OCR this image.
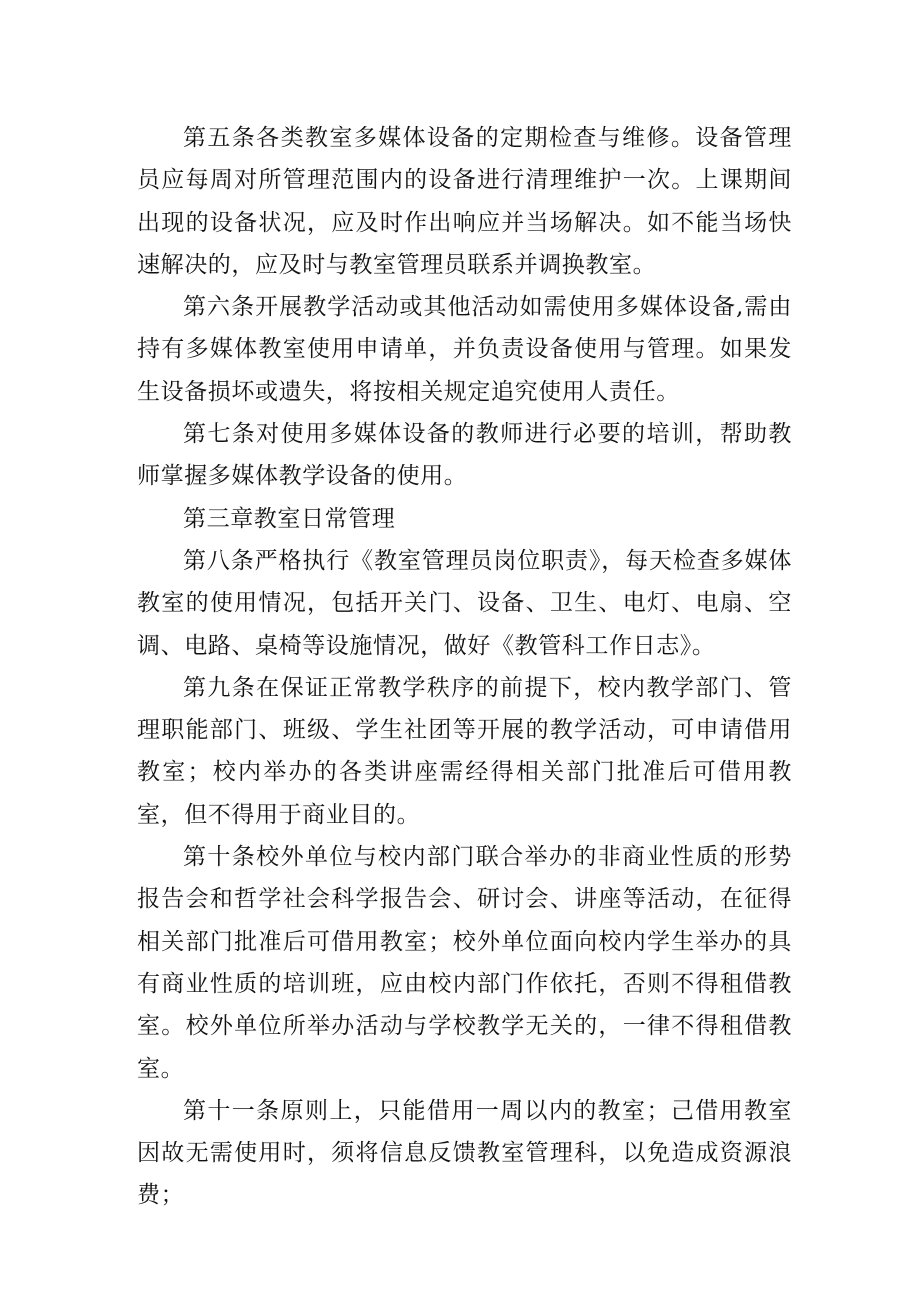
第五条各类教室多媒体设备的定期检查与维修。设备管理员应每周对所管理范围内的设备进行清理维护一次。上课期间出现的设备状况，应及时作出响应并当场解决。如不能当场快速解决的，应及时与教室管理员联系并调换教室。

第六条开展教学活动或其他活动如需使用多媒体设备,需由持有多媒体教室使用申请单，并负责设备使用与管理。如果发生设备损坏或遗失，将按相关规定追究使用人责任。

第七条对使用多媒体设备的教师进行必要的培训，帮助教师掌握多媒体教学设备的使用。

第三章教室日常管理

第八条严格执行《教室管理员岗位职责》，每天检查多媒体教室的使用情况，包括开关门、设备、卫生、电灯、电扇、空调、电路、桌椅等设施情况，做好《教管科工作日志》。

第九条在保证正常教学秩序的前提下，校内教学部门、管理职能部门、班级、学生社团等开展的教学活动，可申请借用教室；校内举办的各类讲座需经得相关部门批准后可借用教室，但不得用于商业目的。

第十条校外单位与校内部门联合举办的非商业性质的形势报告会和哲学社会科学报告会、研讨会、讲座等活动，在征得相关部门批准后可借用教室；校外单位面向校内学生举办的具有商业性质的培训班，应由校内部门作依托，否则不得租借教室。校外单位所举办活动与学校教学无关的，一律不得租借教室。

第十一条原则上，只能借用一周以内的教室；己借用教室因故无需使用时，须将信息反馈教室管理科，以免造成资源浪费；
